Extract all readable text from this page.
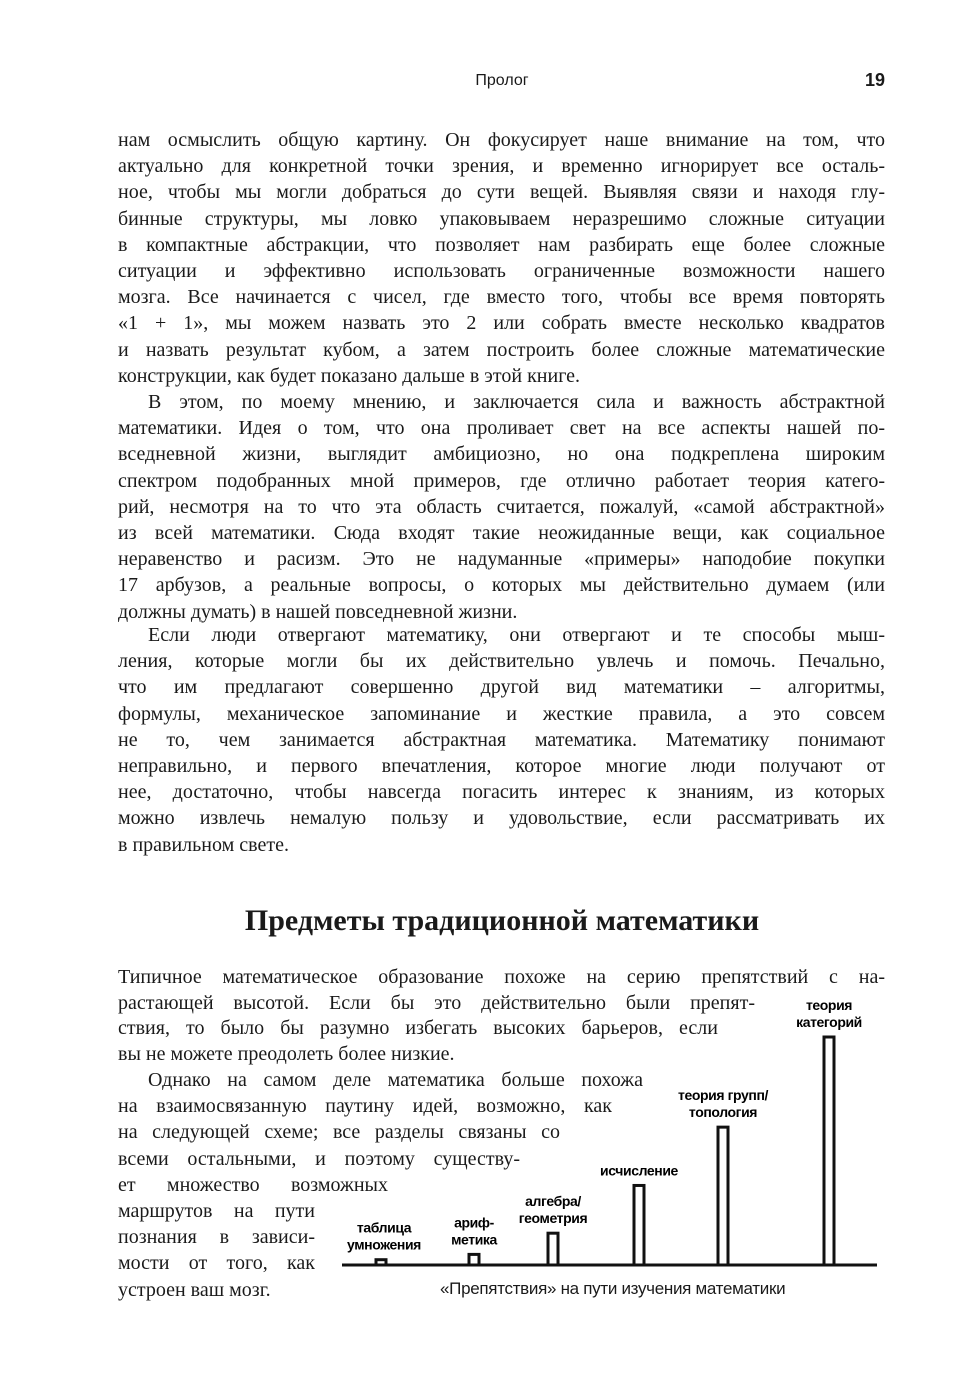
Пролог	19
нам осмыслить общую картину. Он фокусирует наше внимание на том, что
актуально для конкретной точки зрения, и временно игнорирует все осталь-
ное, чтобы мы могли добраться до сути вещей. Выявляя связи и находя глу-
бинные структуры, мы ловко упаковываем неразрешимо сложные ситуации
в компактные абстракции, что позволяет нам разбирать еще более сложные
ситуации и эффективно использовать ограниченные возможности нашего
мозга. Все начинается с чисел, где вместо того, чтобы все время повторять
«1 + 1», мы можем назвать это 2 или собрать вместе несколько квадратов
и назвать результат кубом, а затем построить более сложные математические
конструкции, как будет показано дальше в этой книге.
В этом, по моему мнению, и заключается сила и важность абстрактной
математики. Идея о том, что она проливает свет на все аспекты нашей по-
вседневной жизни, выглядит амбициозно, но она подкреплена широким
спектром подобранных мной примеров, где отлично работает теория катего-
рий, несмотря на то что эта область считается, пожалуй, «самой абстрактной»
из всей математики. Сюда входят такие неожиданные вещи, как социальное
неравенство и расизм. Это не надуманные «примеры» наподобие покупки
17 арбузов, а реальные вопросы, о которых мы действительно думаем (или
должны думать) в нашей повседневной жизни.
Если люди отвергают математику, они отвергают и те способы мыш-
ления, которые могли бы их действительно увлечь и помочь. Печально,
что им предлагают совершенно другой вид математики – алгоритмы,
формулы, механическое запоминание и жесткие правила, а это совсем
не то, чем занимается абстрактная математика. Математику понимают
неправильно, и первого впечатления, которое многие люди получают от
нее, достаточно, чтобы навсегда погасить интерес к знаниям, из которых
можно извлечь немалую пользу и удовольствие, если рассматривать их
в правильном свете.
Типичное математическое образование похоже на серию препятствий с на-
растающей высотой. Если бы это действительно были препят-
ствия, то было бы разумно избегать высоких барьеров, если
вы не можете преодолеть более низкие.
Однако на самом деле математика больше похожа
на взаимосвязанную паутину идей, возможно, как
на следующей схеме; все разделы связаны со
всеми остальными, и поэтому существу-
ет множество возможных
маршрутов на пути
познания в зависи-
мости от того, как
устроен ваш мозг.
Предметы традиционной математики
таблица
умножения
ариф-
метика
алгебра/
геометрия
исчисление
теория групп/
топология
теория
категорий
«Препятствия» на пути изучения математики
